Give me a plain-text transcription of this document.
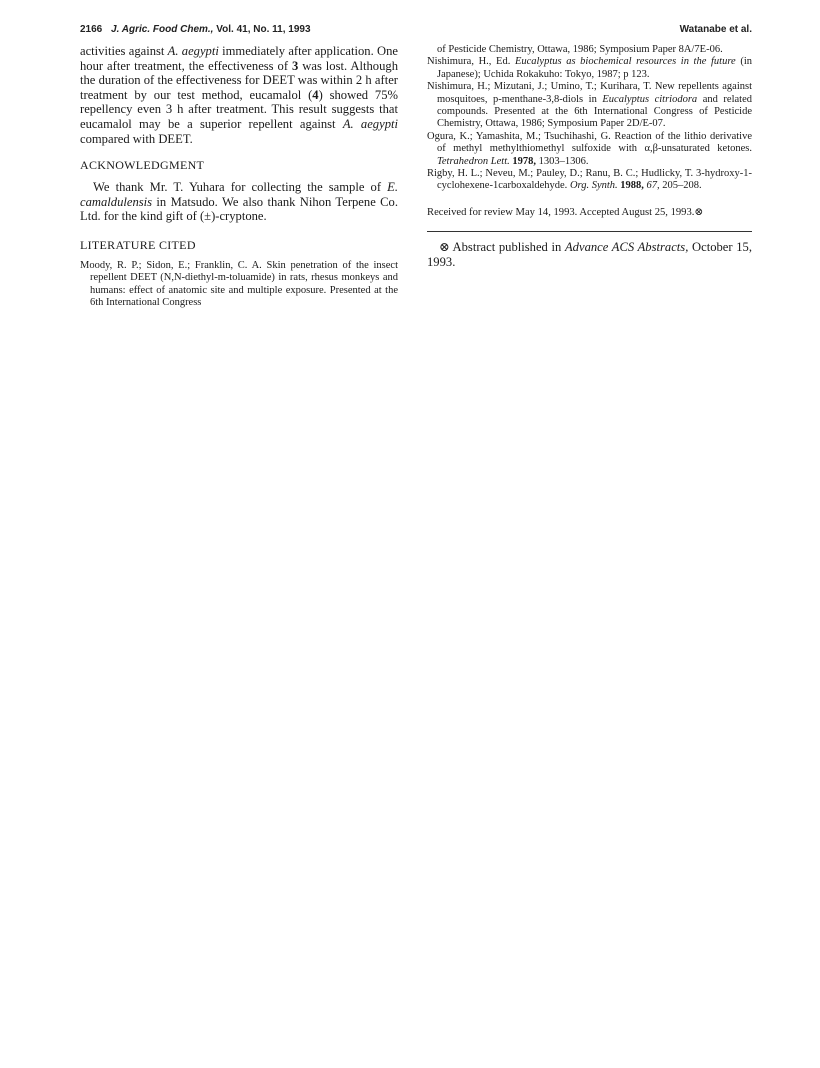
2166 J. Agric. Food Chem., Vol. 41, No. 11, 1993	Watanabe et al.

activities against A. aegypti immediately after application. One hour after treatment, the effectiveness of 3 was lost. Although the duration of the effectiveness for DEET was within 2 h after treatment by our test method, eucamalol (4) showed 75% repellency even 3 h after treatment. This result suggests that eucamalol may be a superior repellent against A. aegypti compared with DEET.

ACKNOWLEDGMENT

We thank Mr. T. Yuhara for collecting the sample of E. camaldulensis in Matsudo. We also thank Nihon Terpene Co. Ltd. for the kind gift of (±)-cryptone.

LITERATURE CITED

Moody, R. P.; Sidon, E.; Franklin, C. A. Skin penetration of the insect repellent DEET (N,N-diethyl-m-toluamide) in rats, rhesus monkeys and humans: effect of anatomic site and multiple exposure. Presented at the 6th International Congress

of Pesticide Chemistry, Ottawa, 1986; Symposium Paper 8A/7E-06.

Nishimura, H., Ed. Eucalyptus as biochemical resources in the future (in Japanese); Uchida Rokakuho: Tokyo, 1987; p 123.

Nishimura, H.; Mizutani, J.; Umino, T.; Kurihara, T. New repellents against mosquitoes, p-menthane-3,8-diols in Eucalyptus citriodora and related compounds. Presented at the 6th International Congress of Pesticide Chemistry, Ottawa, 1986; Symposium Paper 2D/E-07.

Ogura, K.; Yamashita, M.; Tsuchihashi, G. Reaction of the lithio derivative of methyl methylthiomethyl sulfoxide with α,β-unsaturated ketones. Tetrahedron Lett. 1978, 1303–1306.

Rigby, H. L.; Neveu, M.; Pauley, D.; Ranu, B. C.; Hudlicky, T. 3-hydroxy-1-cyclohexene-1carboxaldehyde. Org. Synth. 1988, 67, 205–208.

Received for review May 14, 1993. Accepted August 25, 1993.⊗

⊗ Abstract published in Advance ACS Abstracts, October 15, 1993.
